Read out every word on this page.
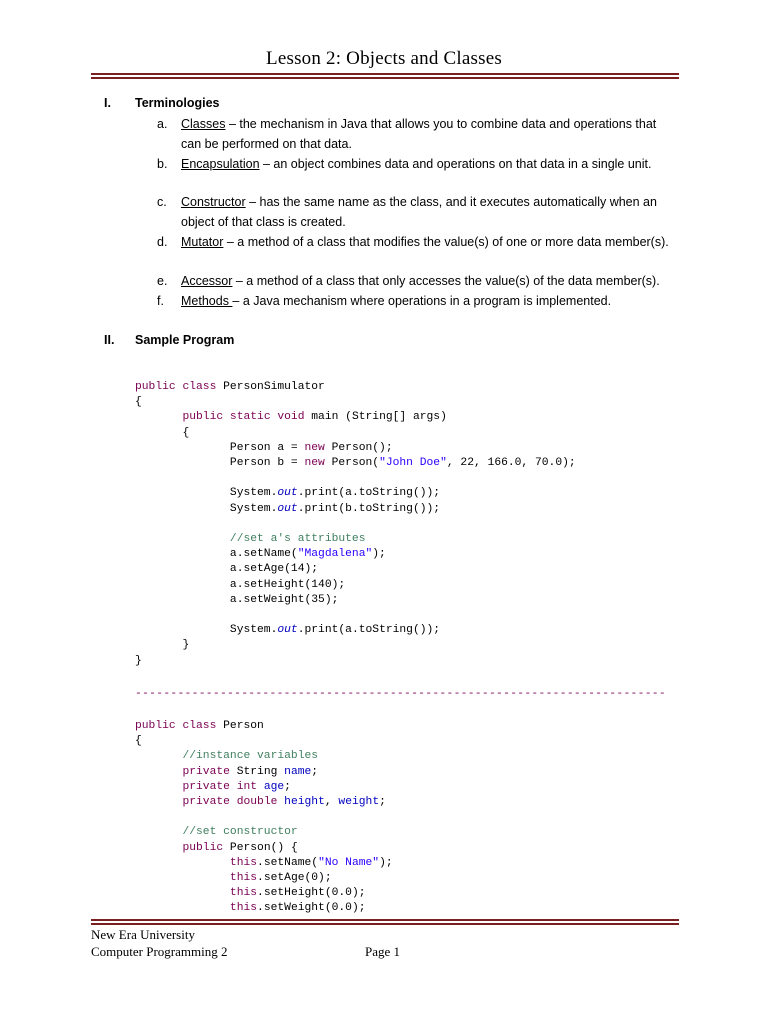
Lesson 2: Objects and Classes
I. Terminologies
a. Classes – the mechanism in Java that allows you to combine data and operations that can be performed on that data.
b. Encapsulation – an object combines data and operations on that data in a single unit.
c. Constructor – has the same name as the class, and it executes automatically when an object of that class is created.
d. Mutator – a method of a class that modifies the value(s) of one or more data member(s).
e. Accessor – a method of a class that only accesses the value(s) of the data member(s).
f. Methods – a Java mechanism where operations in a program is implemented.
II. Sample Program
public class PersonSimulator
{
public static void main (String[] args)
{
Person a = new Person();
Person b = new Person("John Doe", 22, 166.0, 70.0);

System.out.print(a.toString());
System.out.print(b.toString());

//set a's attributes
a.setName("Magdalena");
a.setAge(14);
a.setHeight(140);
a.setWeight(35);

System.out.print(a.toString());
}
}
---------------------------------------------------------------------------
public class Person
{
//instance variables
private String name;
private int age;
private double height, weight;

//set constructor
public Person() {
this.setName("No Name");
this.setAge(0);
this.setHeight(0.0);
this.setWeight(0.0);
New Era University
Computer Programming 2	Page 1
